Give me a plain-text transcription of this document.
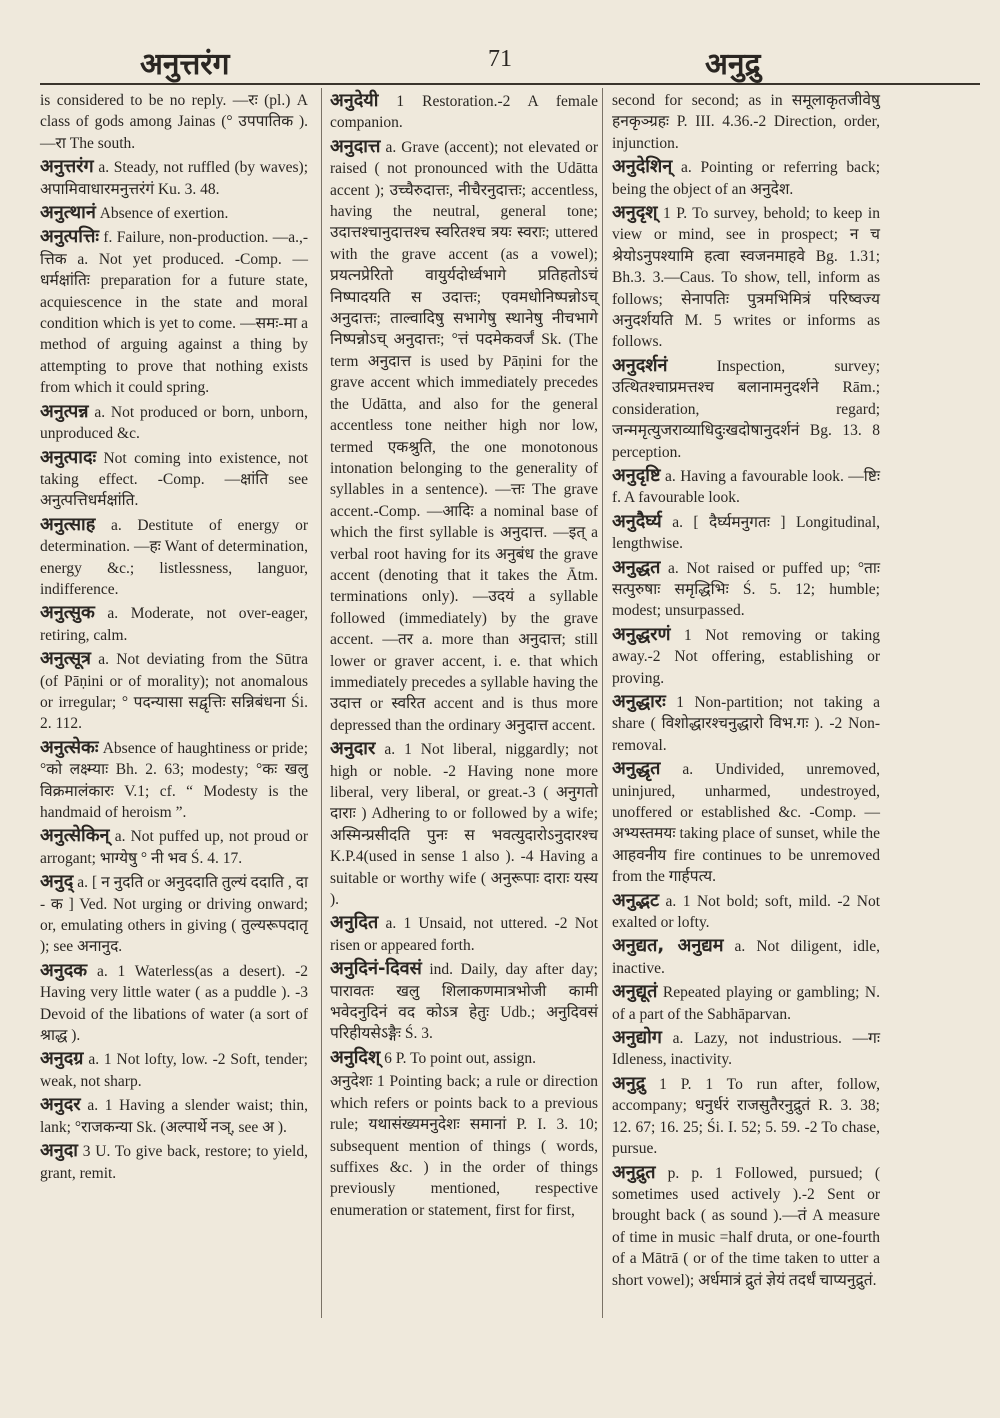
अनुत्तरंग	71	अनुद्रु
is considered to be no reply. —रः (pl.) A class of gods among Jainas (° उपपातिक ). —रा The south.
अनुत्तरंग a. Steady, not ruffled (by waves); अपामिवाधारमनुत्तरंगं Ku. 3. 48.
अनुत्थानं Absence of exertion.
अनुत्पत्तिः f. Failure, non-production. —a.,-त्तिक a. Not yet produced. -Comp. —धर्मक्षांतिः preparation for a future state, acquiescence in the state and moral condition which is yet to come. —समः-मा a method of arguing against a thing by attempting to prove that nothing exists from which it could spring.
अनुत्पन्न a. Not produced or born, unborn, unproduced &c.
अनुत्पादः Not coming into existence, not taking effect. -Comp. —क्षांति see अनुत्पत्तिधर्मक्षांति.
अनुत्साह a. Destitute of energy or determination. —हः Want of determination, energy &c.; listlessness, languor, indifference.
अनुत्सुक a. Moderate, not over-eager, retiring, calm.
अनुत्सूत्र a. Not deviating from the Sūtra (of Pāṇini or of morality); not anomalous or irregular; ° पदन्यासा सद्वृत्तिः सन्निबंधना Śi. 2. 112.
अनुत्सेकः Absence of haughtiness or pride; °को लक्ष्म्याः Bh. 2. 63; modesty; °कः खलु विक्रमालंकारः V.1; cf. “ Modesty is the handmaid of heroism ”.
अनुत्सेकिन् a. Not puffed up, not proud or arrogant; भाग्येषु ° नी भव Ś. 4. 17.
अनुद् a. [ न नुदति or अनुददाति तुल्यं ददाति , दा - क ] Ved. Not urging or driving onward; or, emulating others in giving ( तुल्यरूपदातृ ); see अनानुद.
अनुदक a. 1 Waterless(as a desert). -2 Having very little water ( as a puddle ). -3 Devoid of the libations of water (a sort of श्राद्ध ).
अनुदग्र a. 1 Not lofty, low. -2 Soft, tender; weak, not sharp.
अनुदर a. 1 Having a slender waist; thin, lank; °राजकन्या Sk. (अल्पार्थे नञ्, see अ ).
अनुदा 3 U. To give back, restore; to yield, grant, remit.
अनुदेयी 1 Restoration.-2 A female companion.
अनुदात्त a. Grave (accent); not elevated or raised ( not pronounced with the Udātta accent ); उच्चैरुदात्तः, नीचैरनुदात्तः; accentless, having the neutral, general tone; उदात्तश्चानुदात्तश्च स्वरितश्च त्रयः स्वराः; uttered with the grave accent (as a vowel); प्रयत्नप्रेरितो वायुर्यदोर्ध्वभागे प्रतिहतोऽचं निष्पादयति स उदात्तः; एवमधोनिष्पन्नोऽच् अनुदात्तः; ताल्वादिषु सभागेषु स्थानेषु नीचभागे निष्पन्नोऽच् अनुदात्तः; °त्तं पदमेकवर्जं Sk. (The term अनुदात्त is used by Pāṇini for the grave accent which immediately precedes the Udātta, and also for the general accentless tone neither high nor low, termed एकश्रुति, the one monotonous intonation belonging to the generality of syllables in a sentence). —त्तः The grave accent.-Comp. —आदिः a nominal base of which the first syllable is अनुदात्त. —इत् a verbal root having for its अनुबंध the grave accent (denoting that it takes the Ātm. terminations only). —उदयं a syllable followed (immediately) by the grave accent. —तर a. more than अनुदात्त; still lower or graver accent, i. e. that which immediately precedes a syllable having the उदात्त or स्वरित accent and is thus more depressed than the ordinary अनुदात्त accent.
अनुदार a. 1 Not liberal, niggardly; not high or noble. -2 Having none more liberal, very liberal, or great.-3 ( अनुगतो दाराः ) Adhering to or followed by a wife; अस्मिन्प्रसीदति पुनः स भवत्युदारोऽनुदारश्च K.P.4(used in sense 1 also ). -4 Having a suitable or worthy wife ( अनुरूपाः दाराः यस्य ).
अनुदित a. 1 Unsaid, not uttered. -2 Not risen or appeared forth.
अनुदिनं-दिवसं ind. Daily, day after day; पारावतः खलु शिलाकणमात्रभोजी कामी भवेदनुदिनं वद कोऽत्र हेतुः Udb.; अनुदिवसं परिहीयसेऽङ्गैः Ś. 3.
अनुदिश् 6 P. To point out, assign.
अनुदेशः 1 Pointing back; a rule or direction which refers or points back to a previous rule; यथासंख्यमनुदेशः समानां P. I. 3. 10; subsequent mention of things ( words, suffixes &c. ) in the order of things previously mentioned, respective enumeration or statement, first for first,
second for second; as in समूलाकृतजीवेषु हनकृञ्ग्रहः P. III. 4.36.-2 Direction, order, injunction.
अनुदेशिन् a. Pointing or referring back; being the object of an अनुदेश.
अनुदृश् 1 P. To survey, behold; to keep in view or mind, see in prospect; न च श्रेयोऽनुपश्यामि हत्वा स्वजनमाहवे Bg. 1.31; Bh.3. 3.—Caus. To show, tell, inform as follows; सेनापतिः पुत्रमभिमित्रं परिष्वज्य अनुदर्शयति M. 5 writes or informs as follows.
अनुदर्शनं	Inspection, survey; उत्थितश्चाप्रमत्तश्च बलानामनुदर्शने Rām.; consideration, regard; जन्ममृत्युजराव्याधिदुःखदोषानुदर्शनं Bg. 13. 8 perception.
अनुदृष्टि a. Having a favourable look. —ष्टिः f. A favourable look.
अनुदैर्घ्य a. [ दैर्घ्यमनुगतः ] Longitudinal, lengthwise.
अनुद्धत a. Not raised or puffed up; °ताः सत्पुरुषाः समृद्धिभिः Ś. 5. 12; humble; modest; unsurpassed.
अनुद्धरणं 1 Not removing or taking away.-2 Not offering, establishing or proving.
अनुद्धारः 1 Non-partition; not taking a share ( विशोद्धारश्चनुद्धारो विभ.गः ). -2 Non-removal.
अनुद्धृत a. Undivided, unremoved, uninjured, unharmed, undestroyed, unoffered or established &c. -Comp. —अभ्यस्तमयः taking place of sunset, while the आहवनीय fire continues to be unremoved from the गार्हपत्य.
अनुद्भट a. 1 Not bold; soft, mild. -2 Not exalted or lofty.
अनुद्यत, अनुद्यम a. Not diligent, idle, inactive.
अनुद्यूतं Repeated playing or gambling; N. of a part of the Sabhāparvan.
अनुद्योग a. Lazy, not industrious. —गः Idleness, inactivity.
अनुद्रु 1 P. 1 To run after, follow, accompany; धनुर्धरं राजसुतैरनुद्रुतं R. 3. 38; 12. 67; 16. 25; Śi. I. 52; 5. 59. -2 To chase, pursue.
अनुद्रुत p. p. 1 Followed, pursued; ( sometimes used actively ).-2 Sent or brought back ( as sound ).—तं A measure of time in music =half druta, or one-fourth of a Mātrā ( or of the time taken to utter a short vowel); अर्धमात्रं द्रुतं ज्ञेयं तदर्धं चाप्यनुद्रुतं.
